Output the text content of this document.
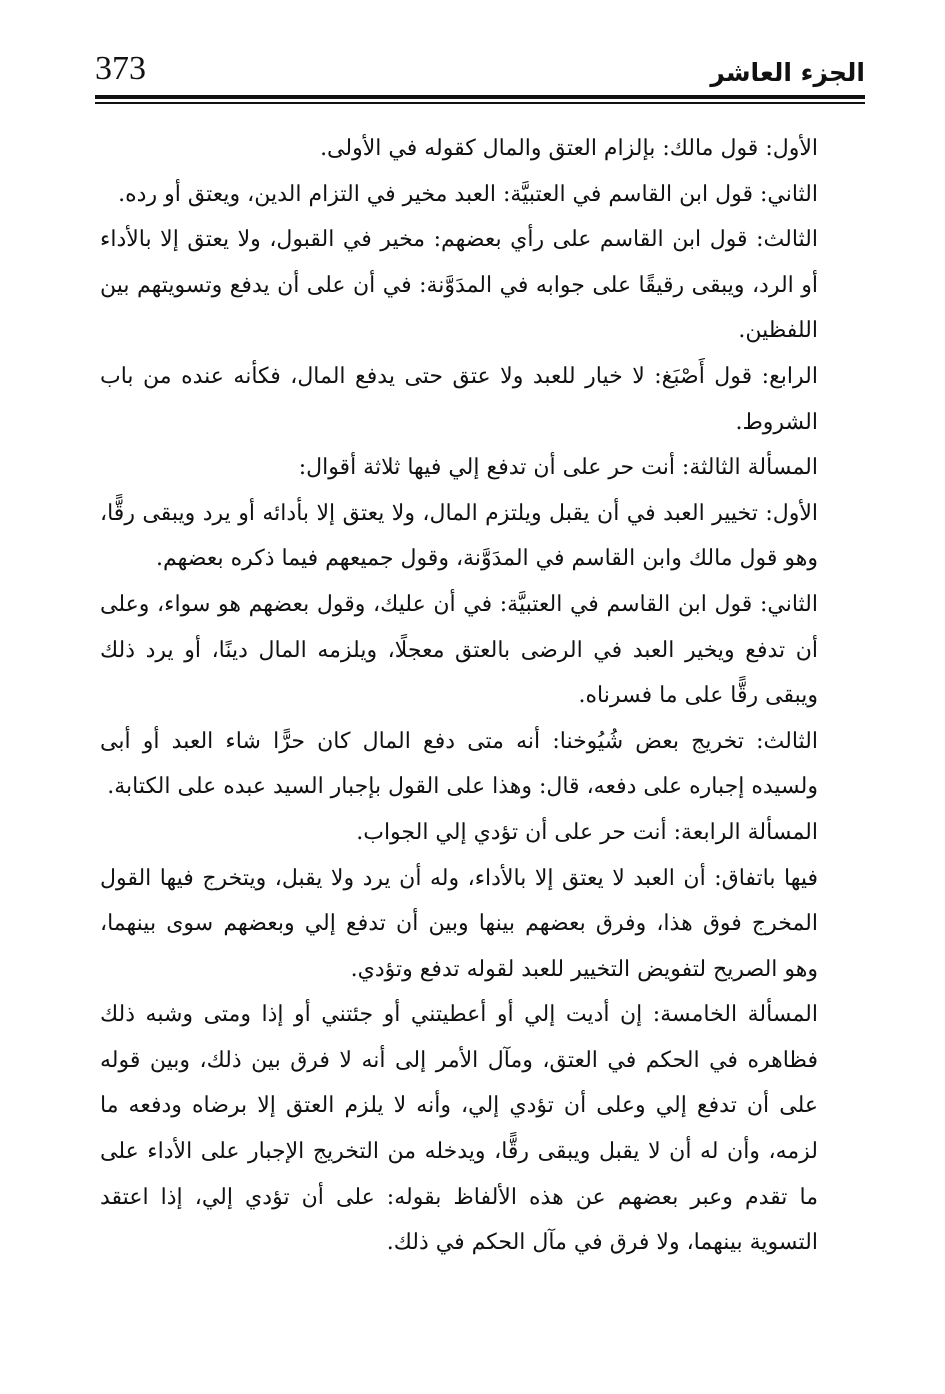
373	الجزء العاشر

الأول: قول مالك: بإلزام العتق والمال كقوله في الأولى.

الثاني: قول ابن القاسم في العتبيَّة: العبد مخير في التزام الدين، ويعتق أو رده.

الثالث: قول ابن القاسم على رأي بعضهم: مخير في القبول، ولا يعتق إلا بالأداء أو الرد، ويبقى رقيقًا على جوابه في المدَوَّنة: في أن على أن يدفع وتسويتهم بين اللفظين.

الرابع: قول أَصْبَغ: لا خيار للعبد ولا عتق حتى يدفع المال، فكأنه عنده من باب الشروط.

المسألة الثالثة: أنت حر على أن تدفع إلي فيها ثلاثة أقوال:

الأول: تخيير العبد في أن يقبل ويلتزم المال، ولا يعتق إلا بأدائه أو يرد ويبقى رقًّا، وهو قول مالك وابن القاسم في المدَوَّنة، وقول جميعهم فيما ذكره بعضهم.

الثاني: قول ابن القاسم في العتبيَّة: في أن عليك، وقول بعضهم هو سواء، وعلى أن تدفع ويخير العبد في الرضى بالعتق معجلًا، ويلزمه المال دينًا، أو يرد ذلك ويبقى رقًّا على ما فسرناه.

الثالث: تخريج بعض شُيُوخنا: أنه متى دفع المال كان حرًّا شاء العبد أو أبى ولسيده إجباره على دفعه، قال: وهذا على القول بإجبار السيد عبده على الكتابة.

المسألة الرابعة: أنت حر على أن تؤدي إلي الجواب.

فيها باتفاق: أن العبد لا يعتق إلا بالأداء، وله أن يرد ولا يقبل، ويتخرج فيها القول المخرج فوق هذا، وفرق بعضهم بينها وبين أن تدفع إلي وبعضهم سوى بينهما، وهو الصريح لتفويض التخيير للعبد لقوله تدفع وتؤدي.

المسألة الخامسة: إن أديت إلي أو أعطيتني أو جئتني أو إذا ومتى وشبه ذلك فظاهره في الحكم في العتق، ومآل الأمر إلى أنه لا فرق بين ذلك، وبين قوله على أن تدفع إلي وعلى أن تؤدي إلي، وأنه لا يلزم العتق إلا برضاه ودفعه ما لزمه، وأن له أن لا يقبل ويبقى رقًّا، ويدخله من التخريج الإجبار على الأداء على ما تقدم وعبر بعضهم عن هذه الألفاظ بقوله: على أن تؤدي إلي، إذا اعتقد التسوية بينهما، ولا فرق في مآل الحكم في ذلك.
